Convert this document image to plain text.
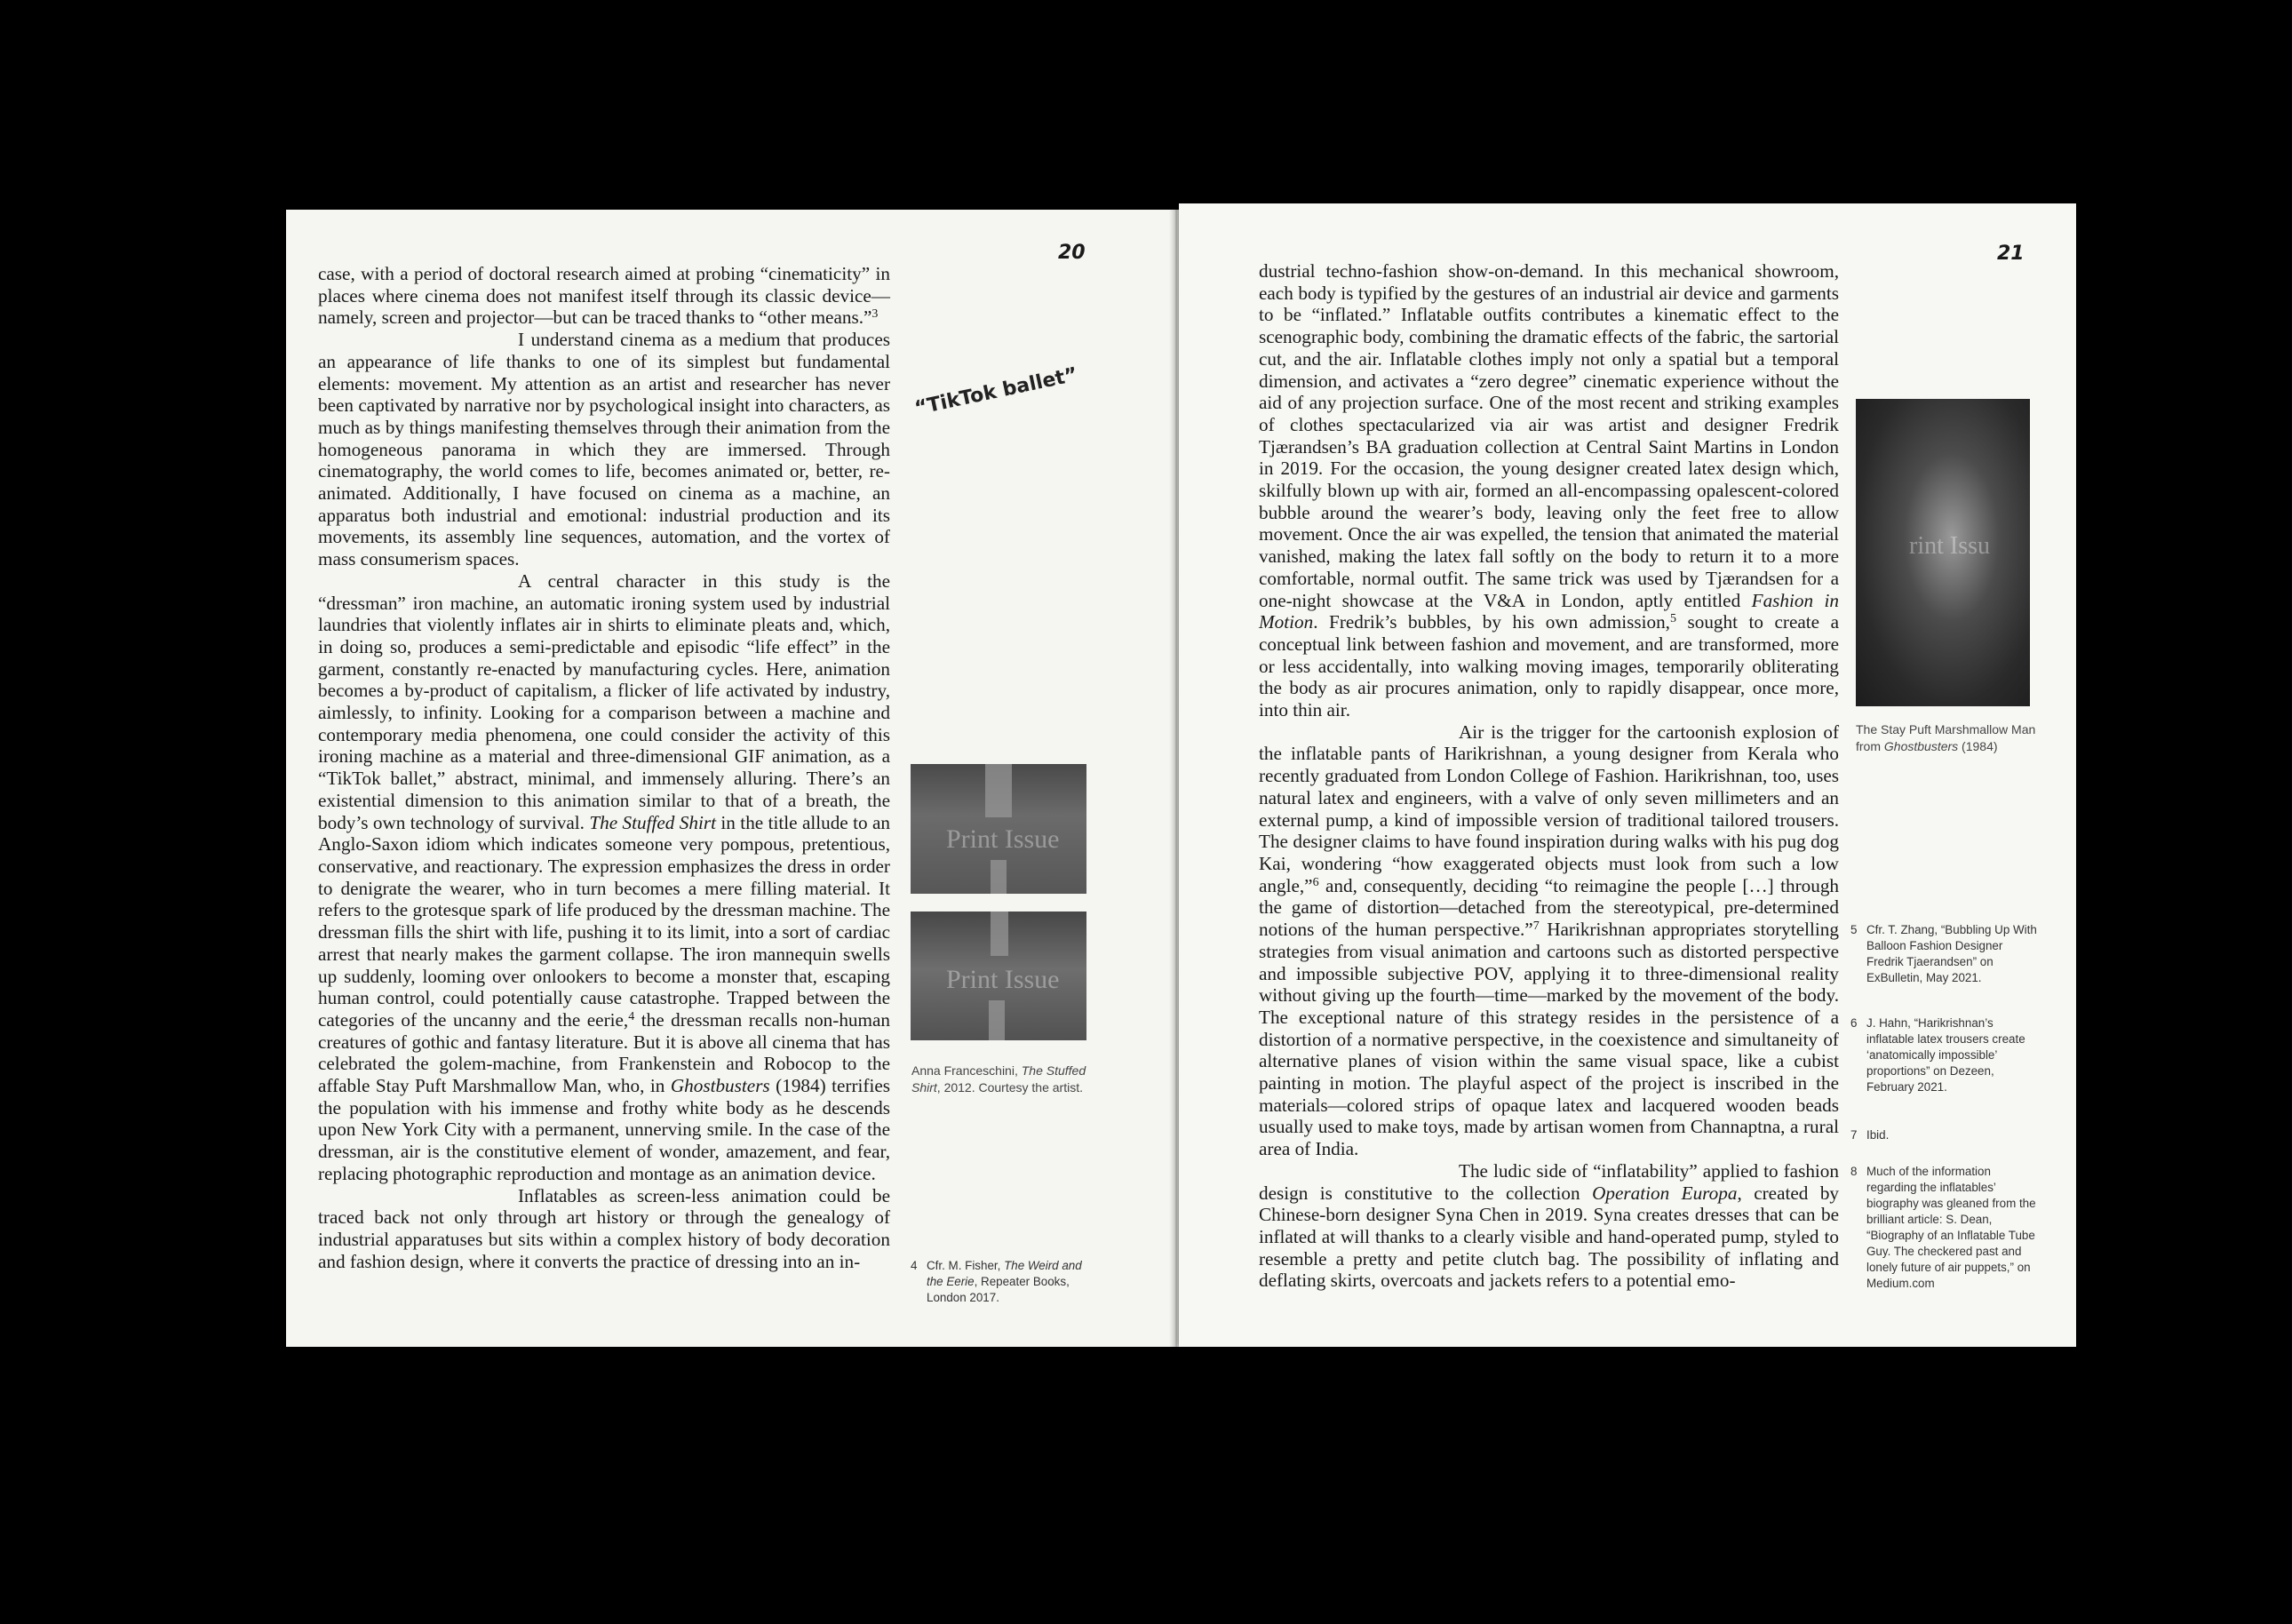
20

case, with a period of doctoral research aimed at probing “cinematicity” in places where cinema does not manifest itself through its classic device—namely, screen and projector—but can be traced thanks to “other means.”$^3$

I understand cinema as a medium that produces an appearance of life thanks to one of its simplest but fundamental elements: movement. My attention as an artist and researcher has never been captivated by narrative nor by psychological insight into characters, as much as by things manifesting themselves through their animation from the homogeneous panorama in which they are immersed. Through cinematography, the world comes to life, becomes animated or, better, re-animated. Additionally, I have focused on cinema as a machine, an apparatus both industrial and emotional: industrial production and its movements, its assembly line sequences, automation, and the vortex of mass consumerism spaces.

A central character in this study is the “dressman” iron machine, an automatic ironing system used by industrial laundries that violently inflates air in shirts to eliminate pleats and, which, in doing so, produces a semi-predictable and episodic “life effect” in the garment, constantly re-enacted by manufacturing cycles. Here, animation becomes a by-product of capitalism, a flicker of life activated by industry, aimlessly, to infinity. Looking for a comparison between a machine and contemporary media phenomena, one could consider the activity of this ironing machine as a material and three-dimensional GIF animation, as a “TikTok ballet,” abstract, minimal, and immensely alluring. There’s an existential dimension to this animation similar to that of a breath, the body’s own technology of survival. The Stuffed Shirt in the title allude to an Anglo-Saxon idiom which indicates someone very pompous, pretentious, conservative, and reactionary. The expression emphasizes the dress in order to denigrate the wearer, who in turn becomes a mere filling material. It refers to the grotesque spark of life produced by the dressman machine. The dressman fills the shirt with life, pushing it to its limit, into a sort of cardiac arrest that nearly makes the garment collapse. The iron mannequin swells up suddenly, looming over onlookers to become a monster that, escaping human control, could potentially cause catastrophe. Trapped between the categories of the uncanny and the eerie,$^4$ the dressman recalls non-human creatures of gothic and fantasy literature. But it is above all cinema that has celebrated the golem-machine, from Frankenstein and Robocop to the affable Stay Puft Marshmallow Man, who, in Ghostbusters (1984) terrifies the population with his immense and frothy white body as he descends upon New York City with a permanent, unnerving smile. In the case of the dressman, air is the constitutive element of wonder, amazement, and fear, replacing photographic reproduction and montage as an animation device.

Inflatables as screen-less animation could be traced back not only through art history or through the genealogy of industrial apparatuses but sits within a complex history of body decoration and fashion design, where it converts the practice of dressing into an in-

“TikTok ballet”
Print Issue
Print Issue
Anna Franceschini, The Stuffed Shirt, 2012. Courtesy the artist.
4 Cfr. M. Fisher, The Weird and the Eerie, Repeater Books, London 2017.
21

dustrial techno-fashion show-on-demand. In this mechanical showroom, each body is typified by the gestures of an industrial air device and garments to be “inflated.” Inflatable outfits contributes a kinematic effect to the scenographic body, combining the dramatic effects of the fabric, the sartorial cut, and the air. Inflatable clothes imply not only a spatial but a temporal dimension, and activates a “zero degree” cinematic experience without the aid of any projection surface. One of the most recent and striking examples of clothes spectacularized via air was artist and designer Fredrik Tjærandsen’s BA graduation collection at Central Saint Martins in London in 2019. For the occasion, the young designer created latex design which, skilfully blown up with air, formed an all-encompassing opalescent-colored bubble around the wearer’s body, leaving only the feet free to allow movement. Once the air was expelled, the tension that animated the material vanished, making the latex fall softly on the body to return it to a more comfortable, normal outfit. The same trick was used by Tjærandsen for a one-night showcase at the V&A in London, aptly entitled Fashion in Motion. Fredrik’s bubbles, by his own admission,$^5$ sought to create a conceptual link between fashion and movement, and are transformed, more or less accidentally, into walking moving images, temporarily obliterating the body as air procures animation, only to rapidly disappear, once more, into thin air.

Air is the trigger for the cartoonish explosion of the inflatable pants of Harikrishnan, a young designer from Kerala who recently graduated from London College of Fashion. Harikrishnan, too, uses natural latex and engineers, with a valve of only seven millimeters and an external pump, a kind of impossible version of traditional tailored trousers. The designer claims to have found inspiration during walks with his pug dog Kai, wondering “how exaggerated objects must look from such a low angle,”$^6$ and, consequently, deciding “to reimagine the people […] through the game of distortion—detached from the stereotypical, pre-determined notions of the human perspective.”$^7$ Harikrishnan appropriates storytelling strategies from visual animation and cartoons such as distorted perspective and impossible subjective POV, applying it to three-dimensional reality without giving up the fourth—time—marked by the movement of the body. The exceptional nature of this strategy resides in the persistence of a distortion of a normative perspective, in the coexistence and simultaneity of alternative planes of vision within the same visual space, like a cubist painting in motion. The playful aspect of the project is inscribed in the materials—colored strips of opaque latex and lacquered wooden beads usually used to make toys, made by artisan women from Channaptna, a rural area of India.

The ludic side of “inflatability” applied to fashion design is constitutive to the collection Operation Europa, created by Chinese-born designer Syna Chen in 2019. Syna creates dresses that can be inflated at will thanks to a clearly visible and hand-operated pump, styled to resemble a pretty and petite clutch bag. The possibility of inflating and deflating skirts, overcoats and jackets refers to a potential emo-

rint Issu
The Stay Puft Marshmallow Man from Ghostbusters (1984)
5 Cfr. T. Zhang, “Bubbling Up With Balloon Fashion Designer Fredrik Tjaerandsen” on ExBulletin, May 2021.
6 J. Hahn, “Harikrishnan’s inflatable latex trousers create ‘anatomically impossible’ proportions” on Dezeen, February 2021.
7 Ibid.
8 Much of the information regarding the inflatables’ biography was gleaned from the brilliant article: S. Dean, “Biography of an Inflatable Tube Guy. The checkered past and lonely future of air puppets,” on Medium.com
